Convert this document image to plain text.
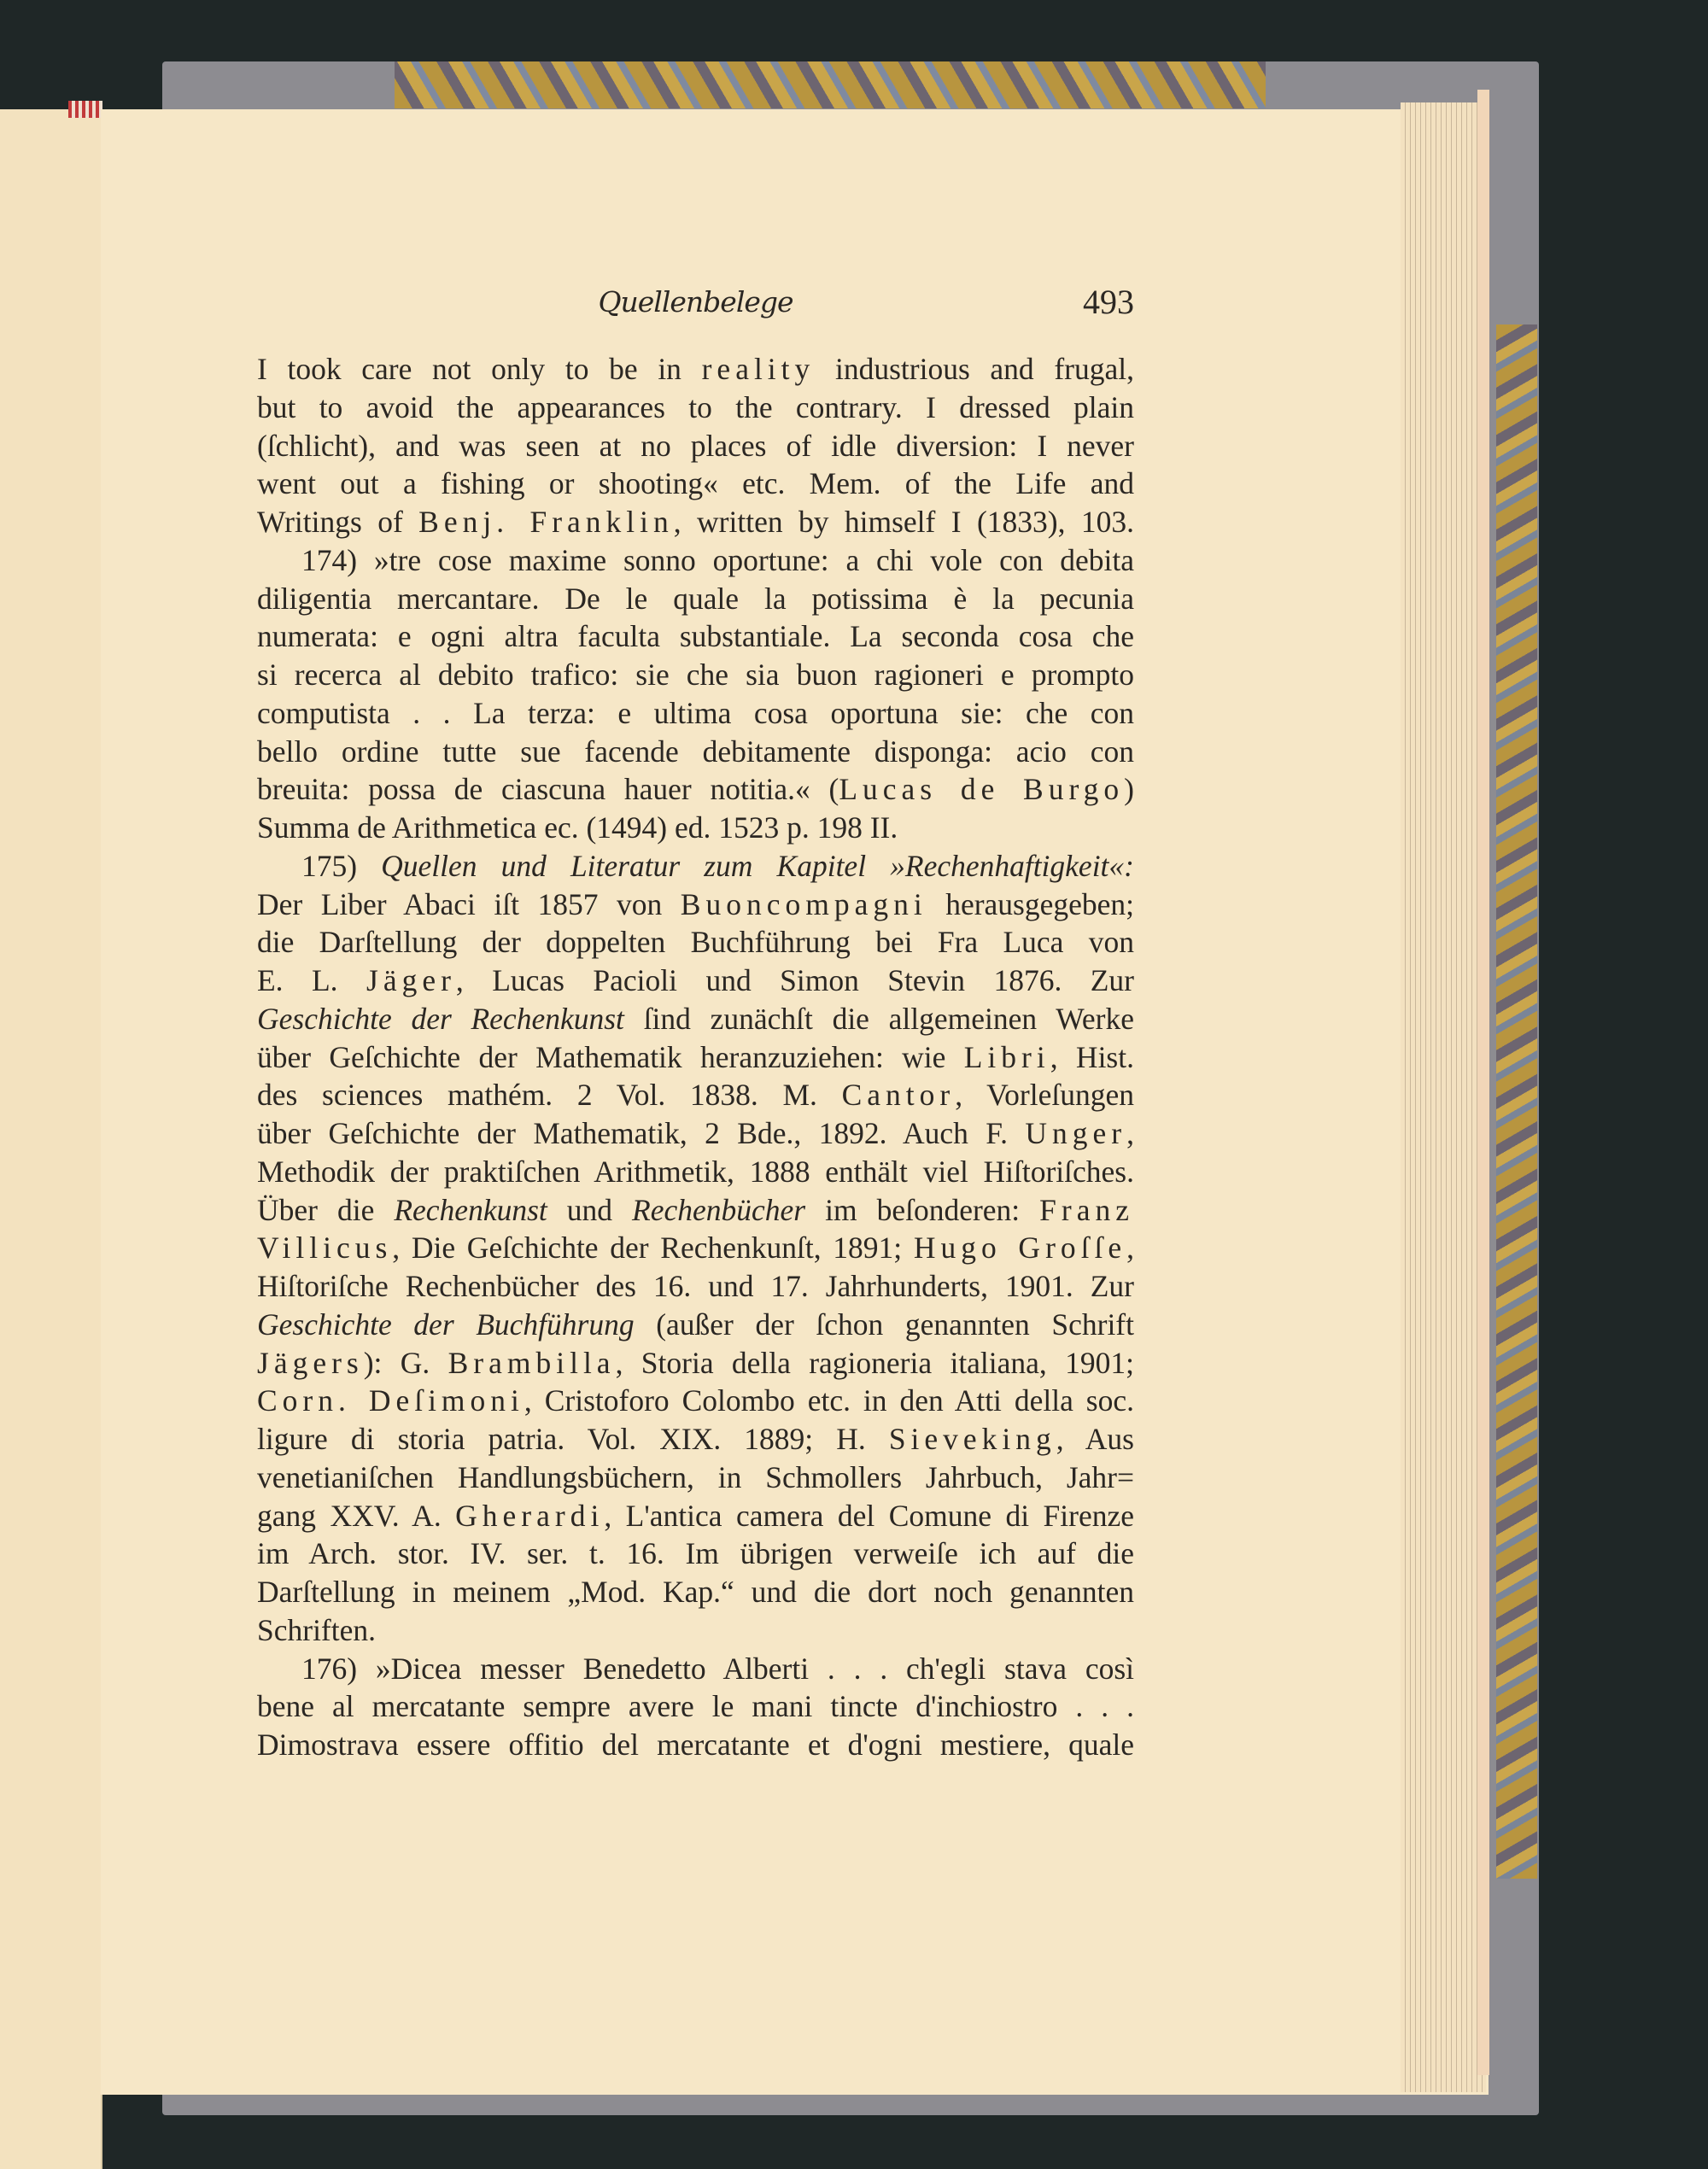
Quellenbelege	493
I took care not only to be in reality industrious and frugal,
but to avoid the appearances to the contrary. I dressed plain
(ſchlicht), and was seen at no places of idle diversion: I never
went out a fishing or shooting« etc. Mem. of the Life and
Writings of Benj. Franklin, written by himself I (1833), 103.
174) »tre cose maxime sonno oportune: a chi vole con debita
diligentia mercantare. De le quale la potissima è la pecunia
numerata: e ogni altra faculta substantiale. La seconda cosa che
si recerca al debito trafico: sie che sia buon ragioneri e prompto
computista . . La terza: e ultima cosa oportuna sie: che con
bello ordine tutte sue facende debitamente disponga: acio con
breuita: possa de ciascuna hauer notitia.« (Lucas de Burgo)
Summa de Arithmetica ec. (1494) ed. 1523 p. 198 II.
175) Quellen und Literatur zum Kapitel »Rechenhaftigkeit«:
Der Liber Abaci iſt 1857 von Buoncompagni herausgegeben;
die Darſtellung der doppelten Buchführung bei Fra Luca von
E. L. Jäger, Lucas Pacioli und Simon Stevin 1876. Zur
Geschichte der Rechenkunst ſind zunächſt die allgemeinen Werke
über Geſchichte der Mathematik heranzuziehen: wie Libri, Hist.
des sciences mathém. 2 Vol. 1838. M. Cantor, Vorleſungen
über Geſchichte der Mathematik, 2 Bde., 1892. Auch F. Unger,
Methodik der praktiſchen Arithmetik, 1888 enthält viel Hiſtoriſches.
Über die Rechenkunst und Rechenbücher im beſonderen: Franz
Villicus, Die Geſchichte der Rechenkunſt, 1891; Hugo Groſſe,
Hiſtoriſche Rechenbücher des 16. und 17. Jahrhunderts, 1901. Zur
Geschichte der Buchführung (außer der ſchon genannten Schrift
Jägers): G. Brambilla, Storia della ragioneria italiana, 1901;
Corn. Deſimoni, Cristoforo Colombo etc. in den Atti della soc.
ligure di storia patria. Vol. XIX. 1889; H. Sieveking, Aus
venetianiſchen Handlungsbüchern, in Schmollers Jahrbuch, Jahr=
gang XXV. A. Gherardi, L'antica camera del Comune di Firenze
im Arch. stor. IV. ser. t. 16. Im übrigen verweiſe ich auf die
Darſtellung in meinem „Mod. Kap.“ und die dort noch genannten
Schriften.
176) »Dicea messer Benedetto Alberti . . . ch'egli stava così
bene al mercatante sempre avere le mani tincte d'inchiostro . . .
Dimostrava essere offitio del mercatante et d'ogni mestiere, quale
